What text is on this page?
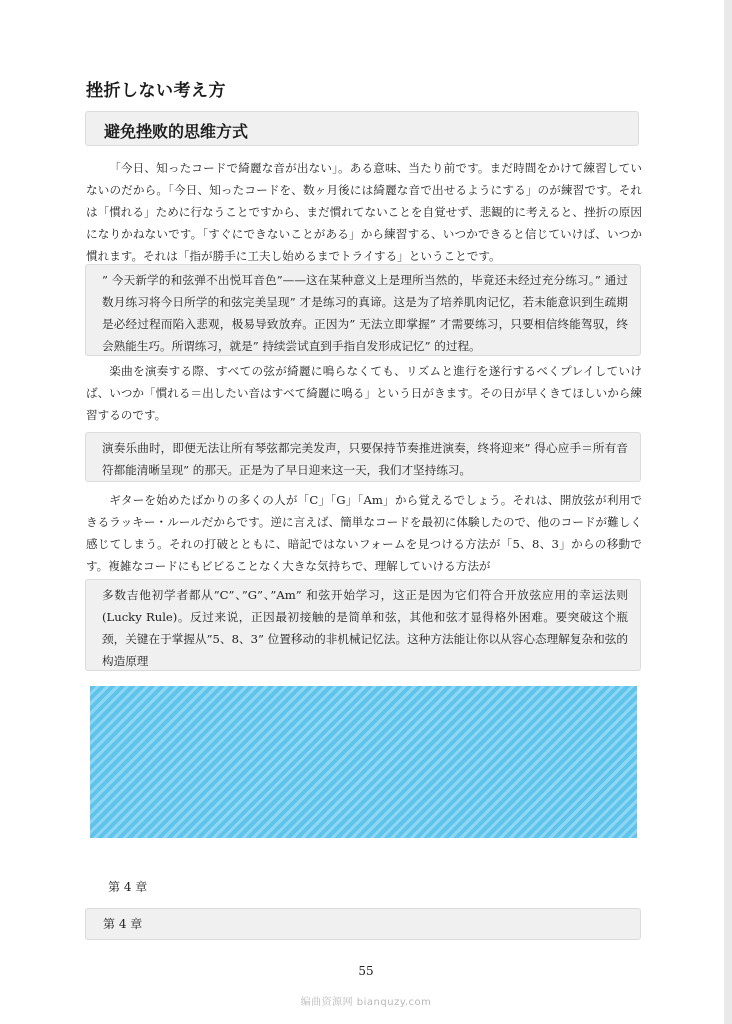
挫折しない考え方
避免挫败的思维方式

「今日、知ったコードで綺麗な音が出ない」。ある意味、当たり前です。まだ時間をかけて練習していないのだから。「今日、知ったコードを、数ヶ月後には綺麗な音で出せるようにする」のが練習です。それは「慣れる」ために行なうことですから、まだ慣れてないことを自覚せず、悲観的に考えると、挫折の原因になりかねないです。「すぐにできないことがある」から練習する、いつかできると信じていけば、いつか慣れます。それは「指が勝手に工夫し始めるまでトライする」ということです。

” 今天新学的和弦弹不出悦耳音色”——这在某种意义上是理所当然的，毕竟还未经过充分练习。” 通过数月练习将今日所学的和弦完美呈现” 才是练习的真谛。这是为了培养肌肉记忆，若未能意识到生疏期是必经过程而陷入悲观，极易导致放弃。正因为” 无法立即掌握” 才需要练习，只要相信终能驾驭，终会熟能生巧。所谓练习，就是” 持续尝试直到手指自发形成记忆” 的过程。

楽曲を演奏する際、すべての弦が綺麗に鳴らなくても、リズムと進行を遂行するべくプレイしていけば、いつか「慣れる＝出したい音はすべて綺麗に鳴る」という日がきます。その日が早くきてほしいから練習するのです。

演奏乐曲时，即便无法让所有琴弦都完美发声，只要保持节奏推进演奏，终将迎来” 得心应手＝所有音符都能清晰呈现” 的那天。正是为了早日迎来这一天，我们才坚持练习。

ギターを始めたばかりの多くの人が「C」「G」「Am」から覚えるでしょう。それは、開放弦が利用できるラッキー・ルールだからです。逆に言えば、簡単なコードを最初に体験したので、他のコードが難しく感じてしまう。それの打破とともに、暗記ではないフォームを見つける方法が「5、8、3」からの移動です。複雑なコードにもビビることなく大きな気持ちで、理解していける方法が

多数吉他初学者都从”C”、”G”、”Am” 和弦开始学习，这正是因为它们符合开放弦应用的幸运法则 (Lucky Rule)。反过来说，正因最初接触的是简单和弦，其他和弦才显得格外困难。要突破这个瓶颈，关键在于掌握从”5、8、3” 位置移动的非机械记忆法。这种方法能让你以从容心态理解复杂和弦的构造原理
第 4 章
第 4 章
55
编曲资源网 bianquzy.com
